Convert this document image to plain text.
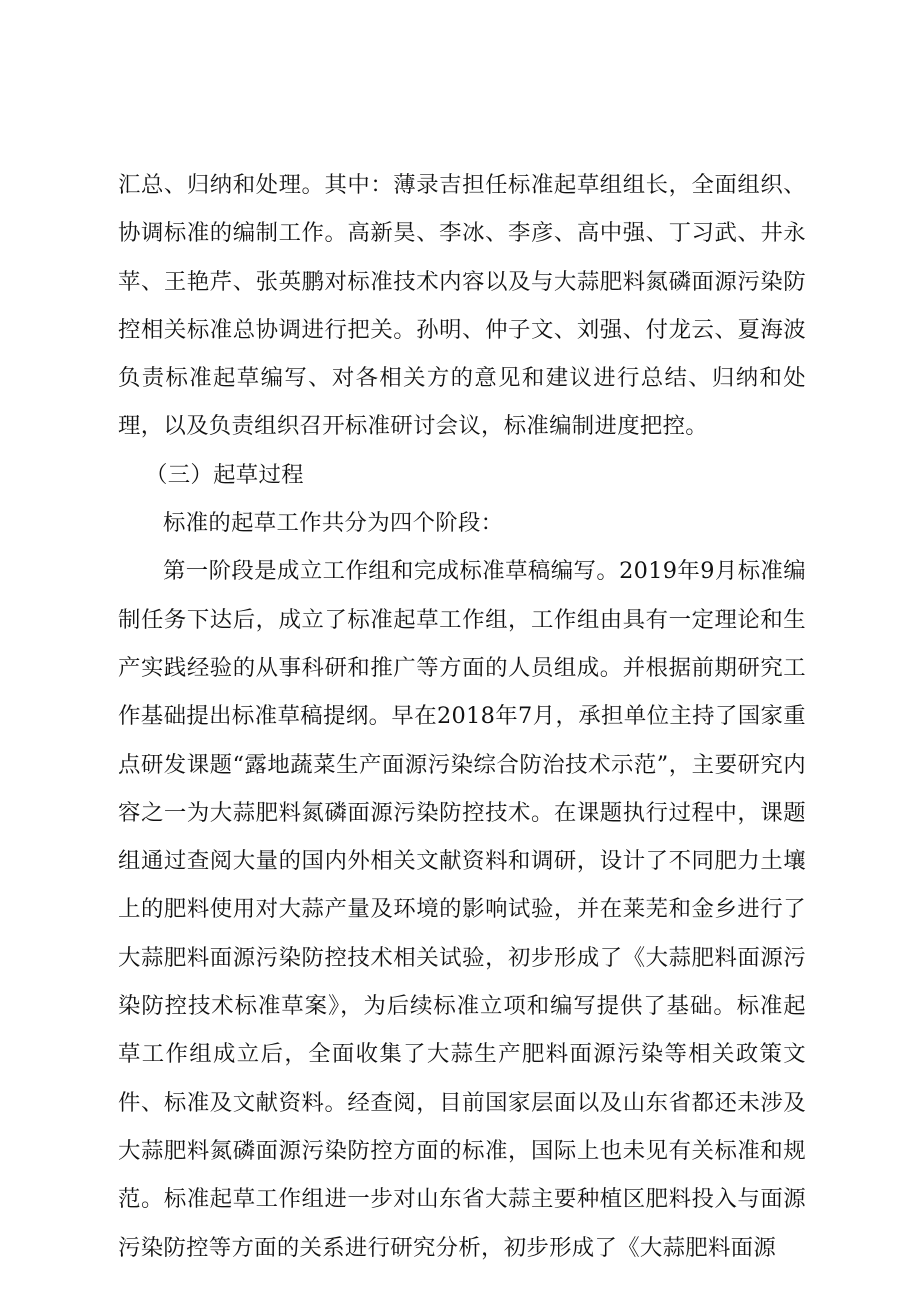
汇总、归纳和处理。其中：薄录吉担任标准起草组组长，全面组织、协调标准的编制工作。高新昊、李冰、李彦、高中强、丁习武、井永苹、王艳芹、张英鹏对标准技术内容以及与大蒜肥料氮磷面源污染防控相关标准总协调进行把关。孙明、仲子文、刘强、付龙云、夏海波负责标准起草编写、对各相关方的意见和建议进行总结、归纳和处理，以及负责组织召开标准研讨会议，标准编制进度把控。

（三）起草过程

标准的起草工作共分为四个阶段：

第一阶段是成立工作组和完成标准草稿编写。2019年9月标准编制任务下达后，成立了标准起草工作组，工作组由具有一定理论和生产实践经验的从事科研和推广等方面的人员组成。并根据前期研究工作基础提出标准草稿提纲。早在2018年7月，承担单位主持了国家重点研发课题“露地蔬菜生产面源污染综合防治技术示范”，主要研究内容之一为大蒜肥料氮磷面源污染防控技术。在课题执行过程中，课题组通过查阅大量的国内外相关文献资料和调研，设计了不同肥力土壤上的肥料使用对大蒜产量及环境的影响试验，并在莱芜和金乡进行了大蒜肥料面源污染防控技术相关试验，初步形成了《大蒜肥料面源污染防控技术标准草案》，为后续标准立项和编写提供了基础。标准起草工作组成立后，全面收集了大蒜生产肥料面源污染等相关政策文件、标准及文献资料。经查阅，目前国家层面以及山东省都还未涉及大蒜肥料氮磷面源污染防控方面的标准，国际上也未见有关标准和规范。标准起草工作组进一步对山东省大蒜主要种植区肥料投入与面源污染防控等方面的关系进行研究分析，初步形成了《大蒜肥料面源
